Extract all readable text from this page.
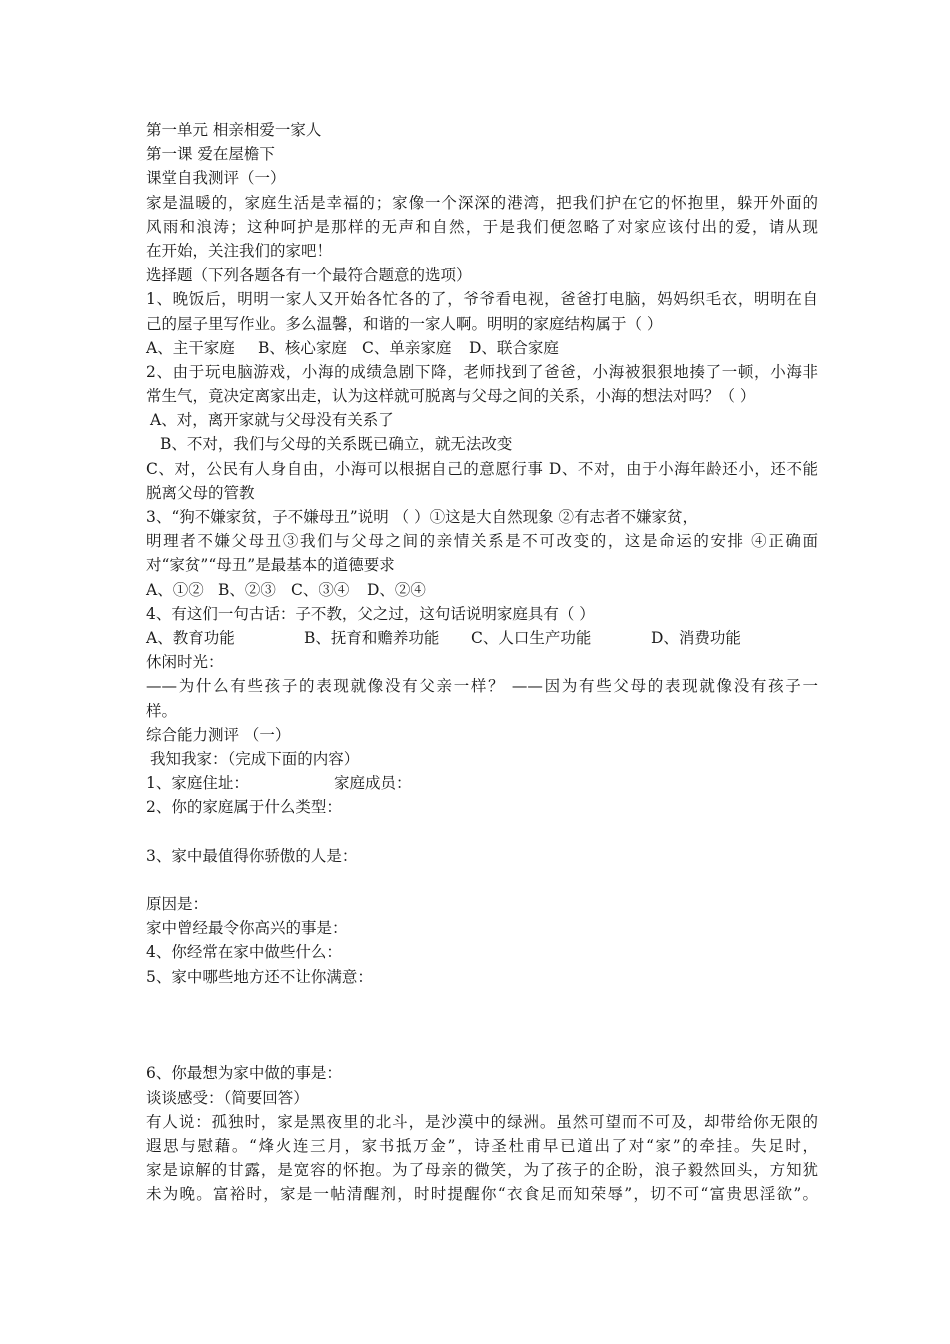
第一单元 相亲相爱一家人
第一课 爱在屋檐下
课堂自我测评（一）
家是温暖的，家庭生活是幸福的；家像一个深深的港湾，把我们护在它的怀抱里，躲开外面的
风雨和浪涛；这种呵护是那样的无声和自然，于是我们便忽略了对家应该付出的爱，请从现
在开始，关注我们的家吧！
选择题（下列各题各有一个最符合题意的选项）
1、晚饭后，明明一家人又开始各忙各的了，爷爷看电视，爸爸打电脑，妈妈织毛衣，明明在自
己的屋子里写作业。多么温馨，和谐的一家人啊。明明的家庭结构属于（ ）
A、主干家庭	B、核心家庭 C、单亲家庭	D、联合家庭
2、由于玩电脑游戏，小海的成绩急剧下降，老师找到了爸爸，小海被狠狠地揍了一顿，小海非
常生气，竟决定离家出走，认为这样就可脱离与父母之间的关系，小海的想法对吗？（ ）
A、对，离开家就与父母没有关系了
B、不对，我们与父母的关系既已确立，就无法改变
C、对，公民有人身自由，小海可以根据自己的意愿行事 D、不对，由于小海年龄还小，还不能
脱离父母的管教
3、“狗不嫌家贫，子不嫌母丑”说明 （ ）①这是大自然现象 ②有志者不嫌家贫，
明理者不嫌父母丑③我们与父母之间的亲情关系是不可改变的，这是命运的安排 ④正确面
对“家贫”“母丑”是最基本的道德要求
A、①② B、②③ C、③④	D、②④
4、有这们一句古话：子不教，父之过，这句话说明家庭具有（ ）
A、教育功能	B、抚育和赡养功能	C、人口生产功能	D、消费功能
休闲时光：
——为什么有些孩子的表现就像没有父亲一样？ ——因为有些父母的表现就像没有孩子一
样。
综合能力测评 （一）
我知我家：（完成下面的内容）
1、家庭住址：	家庭成员：
2、你的家庭属于什么类型：
3、家中最值得你骄傲的人是：
原因是：
家中曾经最令你高兴的事是：
4、你经常在家中做些什么：
5、家中哪些地方还不让你满意：
6、你最想为家中做的事是：
谈谈感受：（简要回答）
有人说：孤独时，家是黑夜里的北斗，是沙漠中的绿洲。虽然可望而不可及，却带给你无限的
遐思与慰藉。“烽火连三月，家书抵万金”，诗圣杜甫早已道出了对“家”的牵挂。失足时，
家是谅解的甘露，是宽容的怀抱。为了母亲的微笑，为了孩子的企盼，浪子毅然回头，方知犹
未为晚。富裕时，家是一帖清醒剂，时时提醒你“衣食足而知荣辱”，切不可“富贵思淫欲”。
